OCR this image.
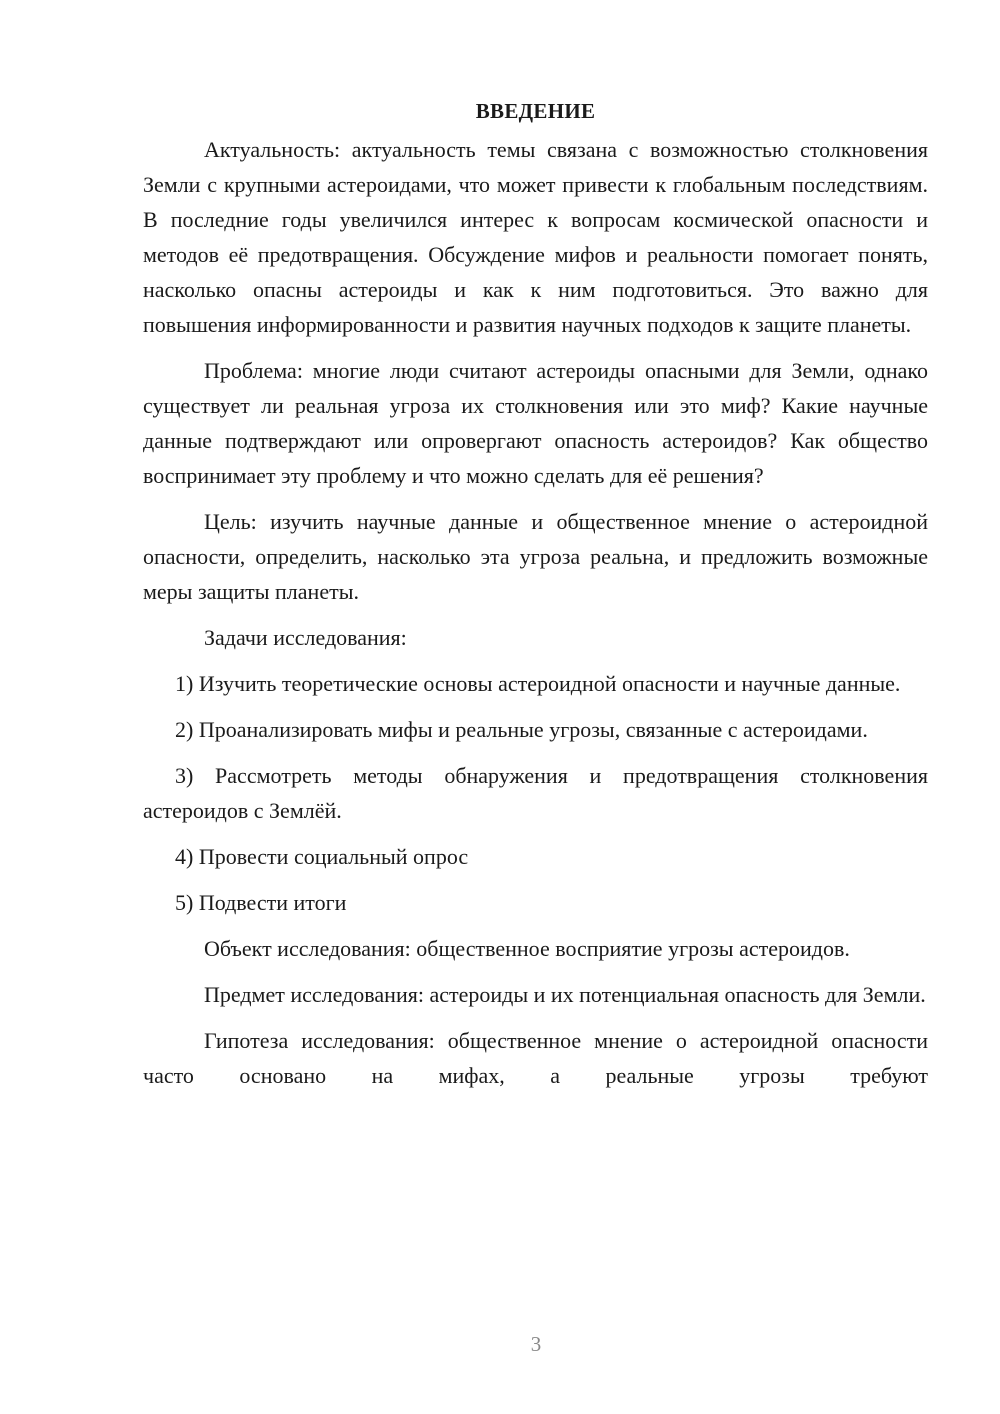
ВВЕДЕНИЕ

Актуальность: актуальность темы связана с возможностью столкновения Земли с крупными астероидами, что может привести к глобальным последствиям. В последние годы увеличился интерес к вопросам космической опасности и методов её предотвращения. Обсуждение мифов и реальности помогает понять, насколько опасны астероиды и как к ним подготовиться. Это важно для повышения информированности и развития научных подходов к защите планеты.

Проблема: многие люди считают астероиды опасными для Земли, однако существует ли реальная угроза их столкновения или это миф? Какие научные данные подтверждают или опровергают опасность астероидов? Как общество воспринимает эту проблему и что можно сделать для её решения?

Цель: изучить научные данные и общественное мнение о астероидной опасности, определить, насколько эта угроза реальна, и предложить возможные меры защиты планеты.

Задачи исследования:

1) Изучить теоретические основы астероидной опасности и научные данные.

2) Проанализировать мифы и реальные угрозы, связанные с астероидами.

3) Рассмотреть методы обнаружения и предотвращения столкновения астероидов с Землёй.

4) Провести социальный опрос

5) Подвести итоги

Объект исследования: общественное восприятие угрозы астероидов.

Предмет исследования: астероиды и их потенциальная опасность для Земли.

Гипотеза исследования: общественное мнение о астероидной опасности часто основано на мифах, а реальные угрозы требуют

3
